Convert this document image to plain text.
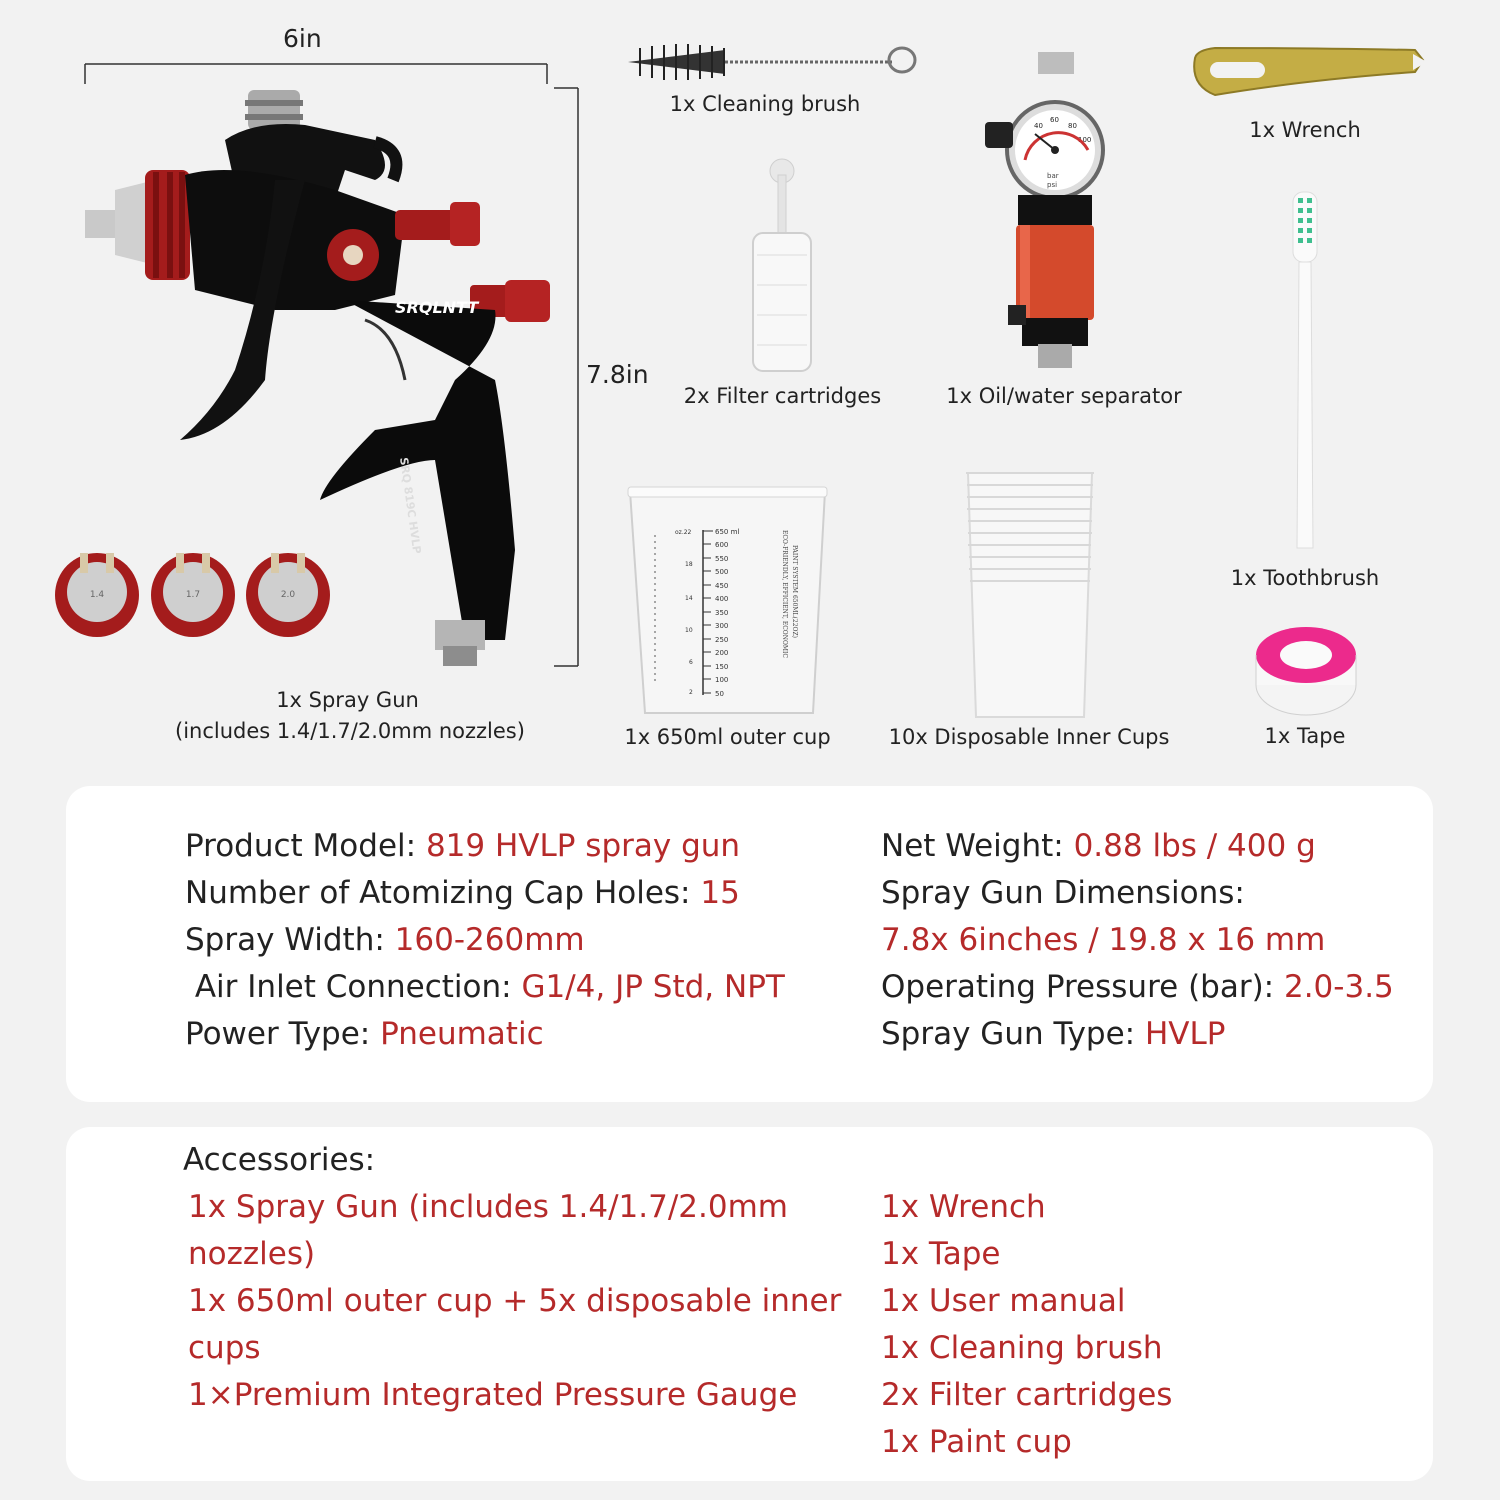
6in
7.8in
SRQLNTT
SRQ 819C HVLP
1.4	1.7	2.0
1x Spray Gun
(includes 1.4/1.7/2.0mm nozzles)
1x Cleaning brush
1x Wrench
2x Filter cartridges
40
60
80
100
bar
psi
1x Oil/water separator
1x Toothbrush
650 ml
600
550
500
450
400
350
300
250
200
150
100
50
oz.22
18
14
10
6
2
PAINT SYSTEM 650ML(22OZ)
ECO-FRIENDLY, EFFICIENT, ECONOMIC
1x 650ml outer cup	10x Disposable Inner Cups	1x Tape
Product Model: 819 HVLP spray gun
Number of Atomizing Cap Holes: 15
Spray Width: 160-260mm
Air Inlet Connection: G1/4, JP Std, NPT
Power Type: Pneumatic
Net Weight: 0.88 lbs / 400 g
Spray Gun Dimensions:
7.8x 6inches / 19.8 x 16 mm
Operating Pressure (bar): 2.0-3.5
Spray Gun Type: HVLP
Accessories:
1x Spray Gun (includes 1.4/1.7/2.0mm
nozzles)
1x 650ml outer cup + 5x disposable inner
cups
1×Premium Integrated Pressure Gauge
1x Wrench
1x Tape
1x User manual
1x Cleaning brush
2x Filter cartridges
1x Paint cup
